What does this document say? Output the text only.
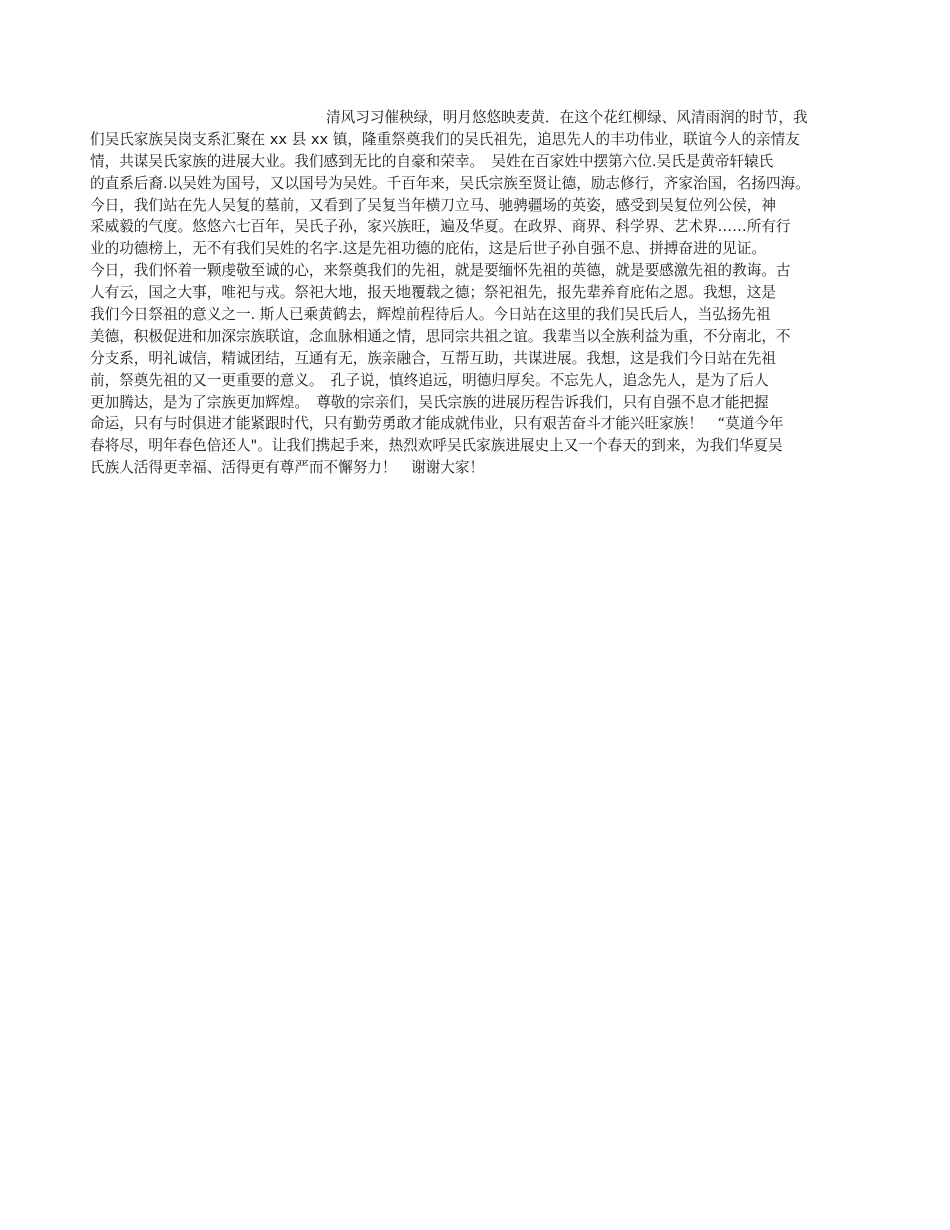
清风习习催秧绿，明月悠悠映麦黄．在这个花红柳绿、风清雨润的时节，我
们吴氏家族吴岗支系汇聚在 xx 县 xx 镇，隆重祭奠我们的吴氏祖先，追思先人的丰功伟业，联谊今人的亲情友
情，共谋吴氏家族的进展大业。我们感到无比的自豪和荣幸。　吴姓在百家姓中摆第六位.吴氏是黄帝轩辕氏
的直系后裔.以吴姓为国号，又以国号为吴姓。千百年来，吴氏宗族至贤让德，励志修行，齐家治国，名扬四海。
今日，我们站在先人吴复的墓前，又看到了吴复当年横刀立马、驰骋疆场的英姿，感受到吴复位列公侯，神
采威毅的气度。悠悠六七百年，吴氏子孙，家兴族旺，遍及华夏。在政界、商界、科学界、艺术界……所有行
业的功德榜上，无不有我们吴姓的名字.这是先祖功德的庇佑，这是后世子孙自强不息、拼搏奋进的见证。
今日，我们怀着一颗虔敬至诚的心，来祭奠我们的先祖，就是要缅怀先祖的英德，就是要感激先祖的教诲。古
人有云，国之大事，唯祀与戎。祭祀大地，报天地覆载之德；祭祀祖先，报先辈养育庇佑之恩。我想，这是
我们今日祭祖的意义之一. 斯人已乘黄鹤去，辉煌前程待后人。今日站在这里的我们吴氏后人，当弘扬先祖
美德，积极促进和加深宗族联谊，念血脉相通之情，思同宗共祖之谊。我辈当以全族利益为重，不分南北，不
分支系，明礼诚信，精诚团结，互通有无，族亲融合，互帮互助，共谋进展。我想，这是我们今日站在先祖
前，祭奠先祖的又一更重要的意义。　孔子说，慎终追远，明德归厚矣。不忘先人，追念先人，是为了后人
更加腾达，是为了宗族更加辉煌。　尊敬的宗亲们，吴氏宗族的进展历程告诉我们，只有自强不息才能把握
命运，只有与时俱进才能紧跟时代，只有勤劳勇敢才能成就伟业，只有艰苦奋斗才能兴旺家族！　“莫道今年
春将尽，明年春色倍还人"。让我们携起手来，热烈欢呼吴氏家族进展史上又一个春天的到来，为我们华夏吴
氏族人活得更幸福、活得更有尊严而不懈努力！　谢谢大家！
